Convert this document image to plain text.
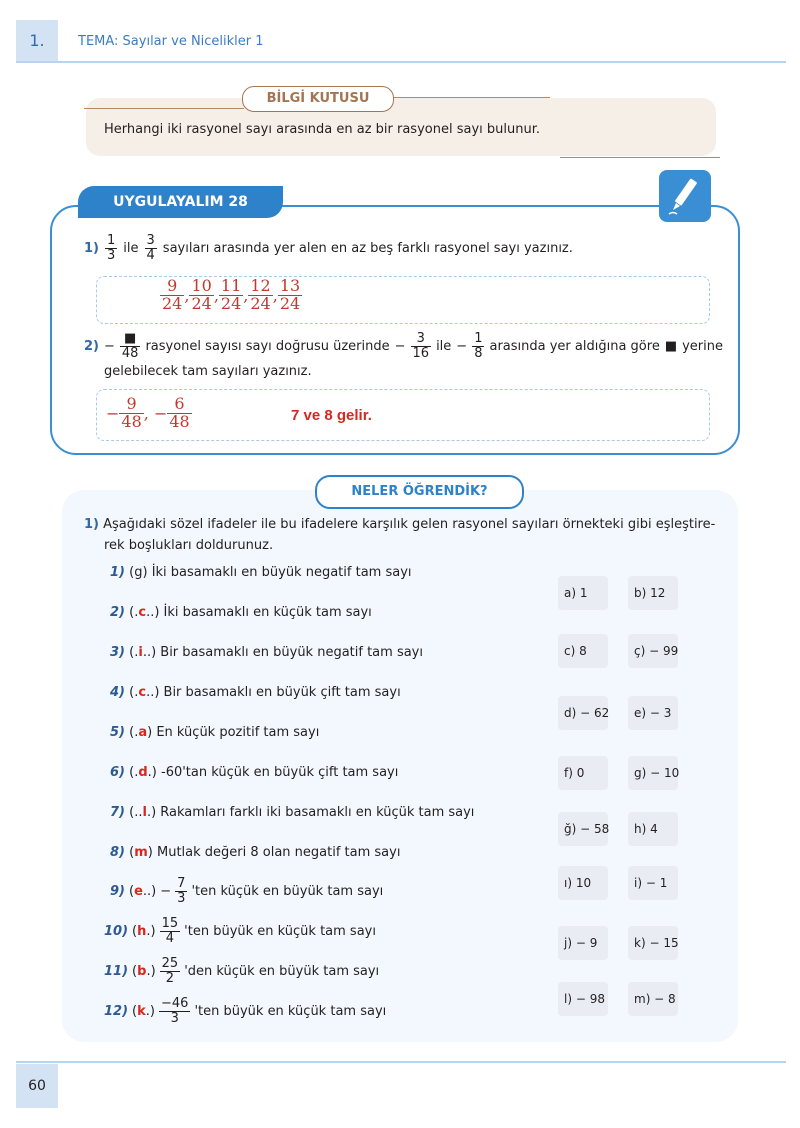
1.	TEMA: Sayılar ve Nicelikler 1
BİLGİ KUTUSU
Herhangi iki rasyonel sayı arasında en az bir rasyonel sayı bulunur.
UYGULAYALIM 28
$1) \frac{1}{3}$ ile $\frac{3}{4}$ sayıları arasında yer alen en az beş farklı rasyonel sayı yazınız.
$\frac{9}{24}$ , $\frac{10}{24}$ , $\frac{11}{24}$ , $\frac{12}{24}$ , $\frac{13}{24}$
$2) - \frac{■}{48}$ rasyonel sayısı sayı doğrusu üzerinde − $\frac{3}{16}$ ile − $\frac{1}{8}$ arasında yer aldığına göre ■ yerine
gelebilecek tam sayıları yazınız.
− $\frac{9}{48}$ , − $\frac{6}{48}$	7 ve 8 gelir.
NELER ÖĞRENDİK?
1) Aşağıdaki sözel ifadeler ile bu ifadelere karşılık gelen rasyonel sayıları örnekteki gibi eşleştire-
rek boşlukları doldurunuz.
1) (g) İki basamaklı en büyük negatif tam sayı
2) (.c..) İki basamaklı en küçük tam sayı
3) (.i..) Bir basamaklı en büyük negatif tam sayı
4) (.c..) Bir basamaklı en büyük çift tam sayı
5) (.a) En küçük pozitif tam sayı
6) (.d.) -60'tan küçük en büyük çift tam sayı
7) (..l.) Rakamları farklı iki basamaklı en küçük tam sayı
8) (m) Mutlak değeri 8 olan negatif tam sayı
9) $(e..) - \frac{7}{3}$ 'ten küçük en büyük tam sayı
10) $(h.) \frac{15}{4}$ 'ten büyük en küçük tam sayı
11) $(b.) \frac{25}{2}$ 'den küçük en büyük tam sayı
12) $(k.) \frac{-46}{3}$ 'ten büyük en küçük tam sayı
a) 1	b) 12
c) 8	ç) − 99
d) − 62	e) − 3
f) 0	g) − 10
ğ) − 58	h) 4
ı) 10	i) − 1
j) − 9	k) − 15
l) − 98	m) − 8
60
